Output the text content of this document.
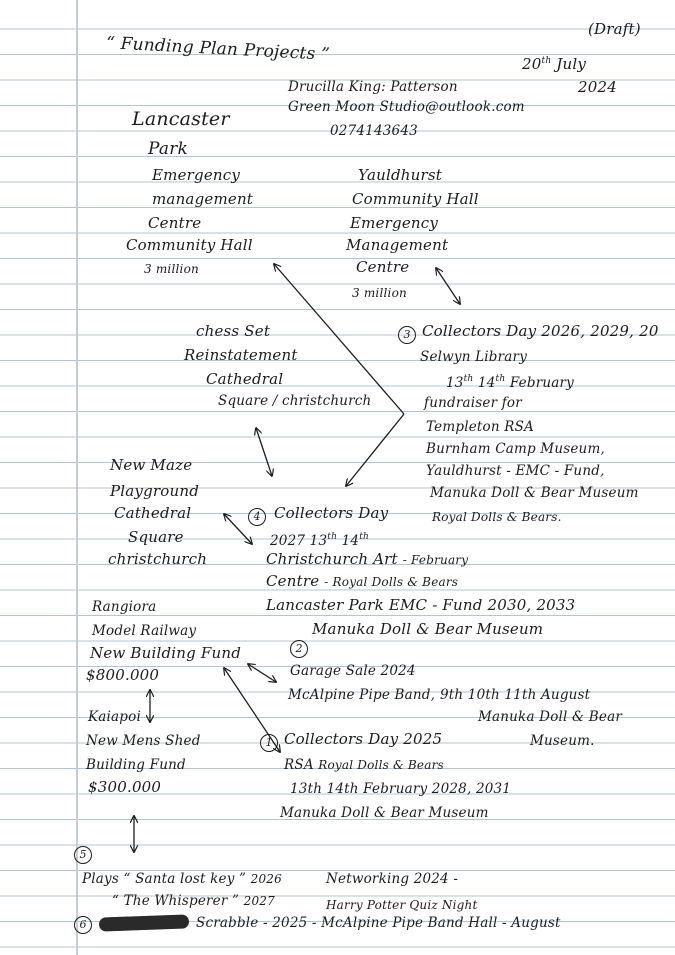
(Draft)
“ Funding Plan Projects ”	20th July
2024
Drucilla King: Patterson
Green Moon Studio@outlook.com
0274143643
Lancaster
Park
Emergency
management
Centre
Community Hall
3 million
Yauldhurst
Community Hall
Emergency
Management
Centre
3 million
chess Set
Reinstatement
Cathedral
Square / christchurch
3 Collectors Day 2026, 2029, 20
Selwyn Library
13th 14th February
fundraiser for
Templeton RSA
Burnham Camp Museum,
Yauldhurst - EMC - Fund,
Manuka Doll & Bear Museum
Royal Dolls & Bears.
New Maze
Playground
Cathedral
Square
christchurch
4 Collectors Day
2027 13th 14th
Christchurch Art - February
Centre - Royal Dolls & Bears
Lancaster Park EMC - Fund 2030, 2033
Manuka Doll & Bear Museum
Rangiora
Model Railway
New Building Fund
$800.000
2
Garage Sale 2024
McAlpine Pipe Band, 9th 10th 11th August
Manuka Doll & Bear
Museum.
Kaiapoi
New Mens Shed
Building Fund
$300.000
1 Collectors Day 2025
RSA Royal Dolls & Bears
13th 14th February 2028, 2031
Manuka Doll & Bear Museum
5
Plays “ Santa lost key ” 2026	Networking 2024 -
“ The Whisperer ” 2027	Harry Potter Quiz Night
6	Scrabble - 2025 - McAlpine Pipe Band Hall - August
